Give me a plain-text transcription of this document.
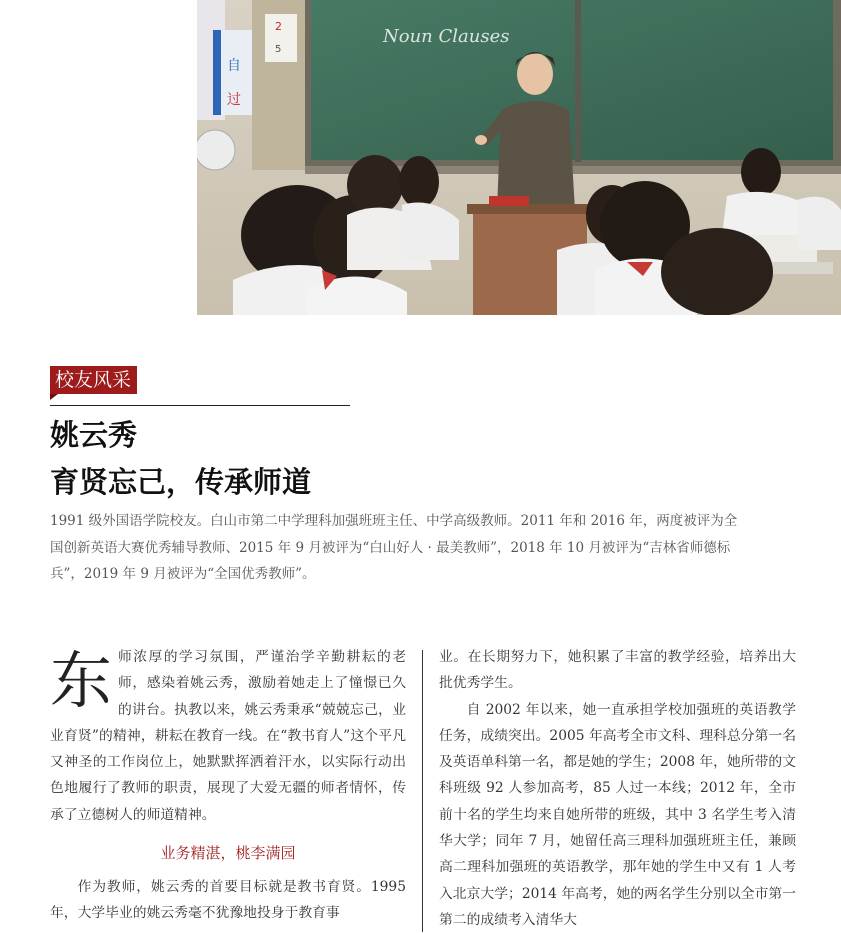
自
过
2
5
Noun Clauses
校友风采
姚云秀
育贤忘己，传承师道
1991 级外国语学院校友。白山市第二中学理科加强班班主任、中学高级教师。2011 年和 2016 年，两度被评为全国创新英语大赛优秀辅导教师、2015 年 9 月被评为“白山好人 · 最美教师”，2018 年 10 月被评为“吉林省师德标兵”，2019 年 9 月被评为“全国优秀教师”。
东 师浓厚的学习氛围，严谨治学辛勤耕耘的老师，感染着姚云秀，激励着她走上了憧憬已久的讲台。执教以来，姚云秀秉承“兢兢忘己，业业育贤”的精神，耕耘在教育一线。在“教书育人”这个平凡又神圣的工作岗位上，她默默挥洒着汗水，以实际行动出色地履行了教师的职责，展现了大爱无疆的师者情怀，传承了立德树人的师道精神。

业务精湛，桃李满园

作为教师，姚云秀的首要目标就是教书育贤。1995 年，大学毕业的姚云秀毫不犹豫地投身于教育事

业。在长期努力下，她积累了丰富的教学经验，培养出大批优秀学生。

自 2002 年以来，她一直承担学校加强班的英语教学任务，成绩突出。2005 年高考全市文科、理科总分第一名及英语单科第一名，都是她的学生；2008 年，她所带的文科班级 92 人参加高考，85 人过一本线；2012 年，全市前十名的学生均来自她所带的班级，其中 3 名学生考入清华大学；同年 7 月，她留任高三理科加强班班主任，兼顾高二理科加强班的英语教学，那年她的学生中又有 1 人考入北京大学；2014 年高考，她的两名学生分别以全市第一第二的成绩考入清华大
